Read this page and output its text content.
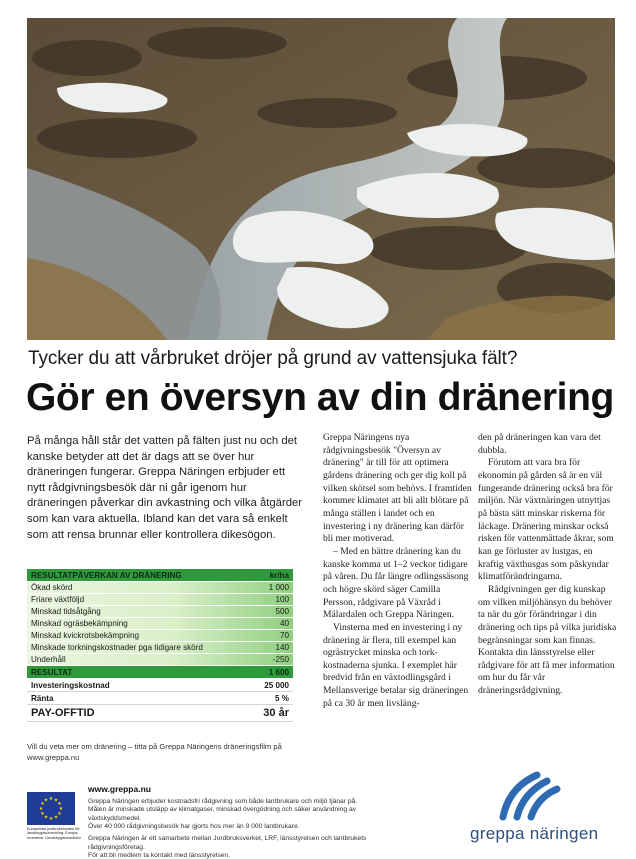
Tycker du att vårbruket dröjer på grund av vattensjuka fält?
Gör en översyn av din dränering

På många håll står det vatten på fälten just nu och det kanske betyder att det är dags att se över hur dräneringen fungerar. Greppa Näringen erbjuder ett nytt rådgivningsbesök där ni går igenom hur dräneringen påverkar din avkastning och vilka åtgärder som kan vara aktuella. Ibland kan det vara så enkelt som att rensa brunnar eller kontrollera dikesögon.

RESULTATPÅVERKAN AV DRÄNERING	kr/ha
Ökad skörd	1 000
Friare växtföljd	100
Minskad tidsåtgång	500
Minskad ogräsbekämpning	40
Minskad kvickrotsbekämpning	70
Minskade torkningskostnader pga tidigare skörd	140
Underhåll	-250
RESULTAT	1 600
Investeringskostnad	25 000
Ränta	5 %
PAY-OFFTID	30 år

Vill du veta mer om dränering – titta på Greppa Näringens dräneringsfilm på www.greppa.nu

Greppa Näringens nya rådgivningsbesök "Översyn av dränering" är till för att optimera gårdens dränering och ger dig koll på vilken skötsel som behövs. I framtiden kommer klimatet att bli allt blötare på många ställen i landet och en investering i ny dränering kan därför bli mer motiverad.

– Med en bättre dränering kan du kanske komma ut 1–2 veckor tidigare på våren. Du får längre odlingssäsong och högre skörd säger Camilla Persson, rådgivare på Växråd i Mälardalen och Greppa Näringen.

Vinsterna med en investering i ny dränering är flera, till exempel kan ogrästrycket minska och torkkostnaderna sjunka. I exemplet här bredvid från en växtodlingsgård i Mellansverige betalar sig dräneringen på ca 30 år men livsläng-

den på dräneringen kan vara det dubbla.

Förutom att vara bra för ekonomin på gården så är en väl fungerande dränering också bra för miljön. När växtnäringen utnyttjas på bästa sätt minskar riskerna för läckage. Dränering minskar också risken för vattenmättade åkrar, som kan ge förluster av lustgas, en kraftig växthusgas som påskyndar klimatförändringarna.

Rådgivningen ger dig kunskap om vilken miljöhänsyn du behöver ta när du gör förändringar i din dränering och tips på vilka juridiska begränsningar som kan finnas. Kontakta din länsstyrelse eller rådgivare för att få mer information om hur du får vår dräneringsrådgivning.

★ ★
★
★
★
★
★
★
★
★
★
★
Europeiska jordbruksfonden för landsbygdsutveckling: Europa investerar i landsbygdsområden
www.greppa.nu
Greppa Näringen erbjuder kostnadsfri rådgivning som både lantbrukare och miljö tjänar på.
Målen är minskade utsläpp av klimatgaser, minskad övergödning och säker användning av växtskyddsmedel.

Över 40 000 rådgivningsbesök har gjorts hos mer än 9 000 lantbrukare.

Greppa Näringen är ett samarbete mellan Jordbruksverket, LRF, länsstyrelsen och lantbrukets rådgivningsföretag.
För att bli medlem ta kontakt med länsstyrelsen.
greppa näringen
